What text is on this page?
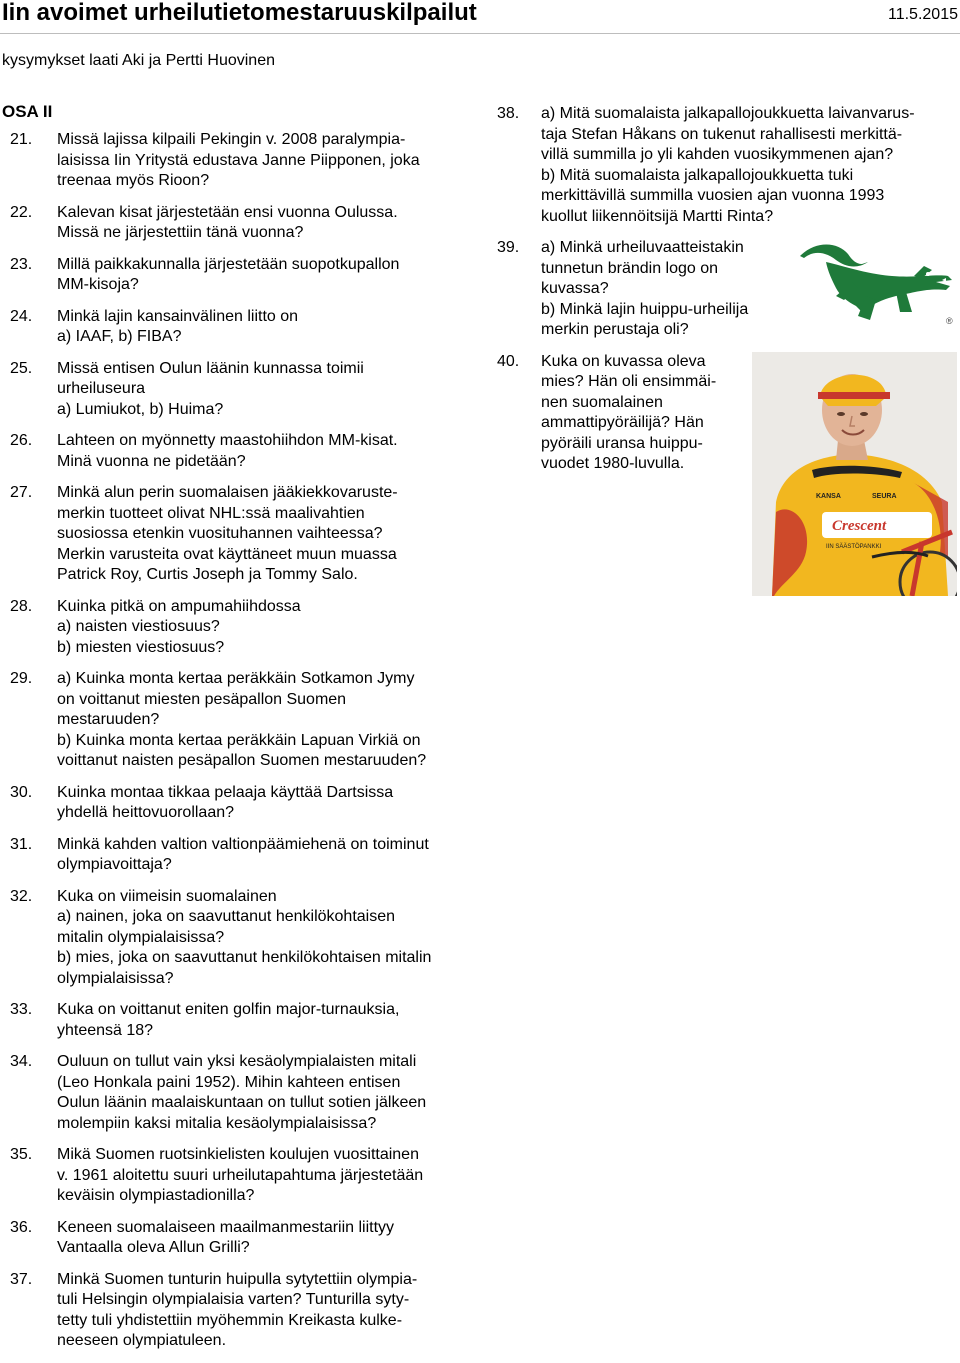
Iin avoimet urheilutietomestaruuskilpailut	11.5.2015
kysymykset laati Aki ja Pertti Huovinen
OSA II
21.	Missä lajissa kilpaili Pekingin v. 2008 paralympia-
laisissa Iin Yritystä edustava Janne Piipponen, joka
treenaa myös Rioon?
22.	Kalevan kisat järjestetään ensi vuonna Oulussa.
Missä ne järjestettiin tänä vuonna?
23.	Millä paikkakunnalla järjestetään suopotkupallon
MM-kisoja?
24.	Minkä lajin kansainvälinen liitto on
a) IAAF, b) FIBA?
25.	Missä entisen Oulun läänin kunnassa toimii
urheiluseura
a) Lumiukot, b) Huima?
26.	Lahteen on myönnetty maastohiihdon MM-kisat.
Minä vuonna ne pidetään?
27.	Minkä alun perin suomalaisen jääkiekkovaruste-
merkin tuotteet olivat NHL:ssä maalivahtien
suosiossa etenkin vuosituhannen vaihteessa?
Merkin varusteita ovat käyttäneet muun muassa
Patrick Roy, Curtis Joseph ja Tommy Salo.
28.	Kuinka pitkä on ampumahiihdossa
a) naisten viestiosuus?
b) miesten viestiosuus?
29.	a) Kuinka monta kertaa peräkkäin Sotkamon Jymy
on voittanut miesten pesäpallon Suomen
mestaruuden?
b) Kuinka monta kertaa peräkkäin Lapuan Virkiä on
voittanut naisten pesäpallon Suomen mestaruuden?
30.	Kuinka montaa tikkaa pelaaja käyttää Dartsissa
yhdellä heittovuorollaan?
31.	Minkä kahden valtion valtionpäämiehenä on toiminut
olympiavoittaja?
32.	Kuka on viimeisin suomalainen
a) nainen, joka on saavuttanut henkilökohtaisen
mitalin olympialaisissa?
b) mies, joka on saavuttanut henkilökohtaisen mitalin
olympialaisissa?
33.	Kuka on voittanut eniten golfin major-turnauksia,
yhteensä 18?
34.	Ouluun on tullut vain yksi kesäolympialaisten mitali
(Leo Honkala paini 1952). Mihin kahteen entisen
Oulun läänin maalaiskuntaan on tullut sotien jälkeen
molempiin kaksi mitalia kesäolympialaisissa?
35.	Mikä Suomen ruotsinkielisten koulujen vuosittainen
v. 1961 aloitettu suuri urheilutapahtuma järjestetään
keväisin olympiastadionilla?
36.	Keneen suomalaiseen maailmanmestariin liittyy
Vantaalla oleva Allun Grilli?
37.	Minkä Suomen tunturin huipulla sytytettiin olympia-
tuli Helsingin olympialaisia varten? Tunturilla syty-
tetty tuli yhdistettiin myöhemmin Kreikasta kulke-
neeseen olympiatuleen.
38.	a) Mitä suomalaista jalkapallojoukkuetta laivanvarus-
taja Stefan Håkans on tukenut rahallisesti merkittä-
villä summilla jo yli kahden vuosikymmenen ajan?
b) Mitä suomalaista jalkapallojoukkuetta tuki
merkittävillä summilla vuosien ajan vuonna 1993
kuollut liikennöitsijä Martti Rinta?
39.	a) Minkä urheiluvaatteistakin
tunnetun brändin logo on
kuvassa?
b) Minkä lajin huippu-urheilija
merkin perustaja oli?
40.	Kuka on kuvassa oleva
mies? Hän oli ensimmäi-
nen suomalainen
ammattipyöräilijä? Hän
pyöräili uransa huippu-
vuodet 1980-luvulla.
®
Crescent
IIN SÄÄSTÖPANKKI
KANSA	SEURA
